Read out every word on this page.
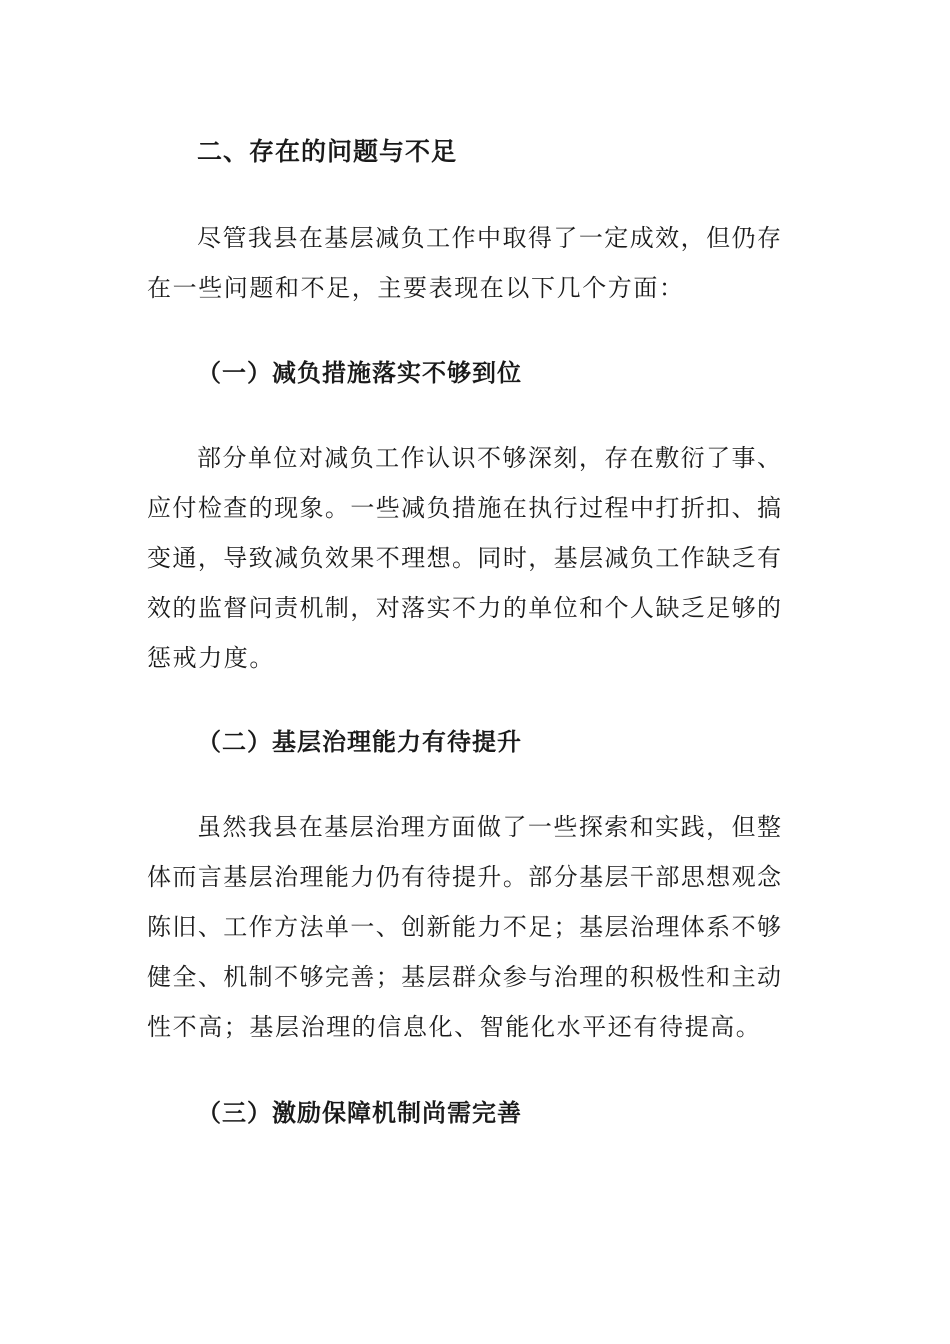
二、存在的问题与不足
尽管我县在基层减负工作中取得了一定成效，但仍存
在一些问题和不足，主要表现在以下几个方面：
（一）减负措施落实不够到位
部分单位对减负工作认识不够深刻，存在敷衍了事、
应付检查的现象。一些减负措施在执行过程中打折扣、搞
变通，导致减负效果不理想。同时，基层减负工作缺乏有
效的监督问责机制，对落实不力的单位和个人缺乏足够的
惩戒力度。
（二）基层治理能力有待提升
虽然我县在基层治理方面做了一些探索和实践，但整
体而言基层治理能力仍有待提升。部分基层干部思想观念
陈旧、工作方法单一、创新能力不足；基层治理体系不够
健全、机制不够完善；基层群众参与治理的积极性和主动
性不高；基层治理的信息化、智能化水平还有待提高。
（三）激励保障机制尚需完善
